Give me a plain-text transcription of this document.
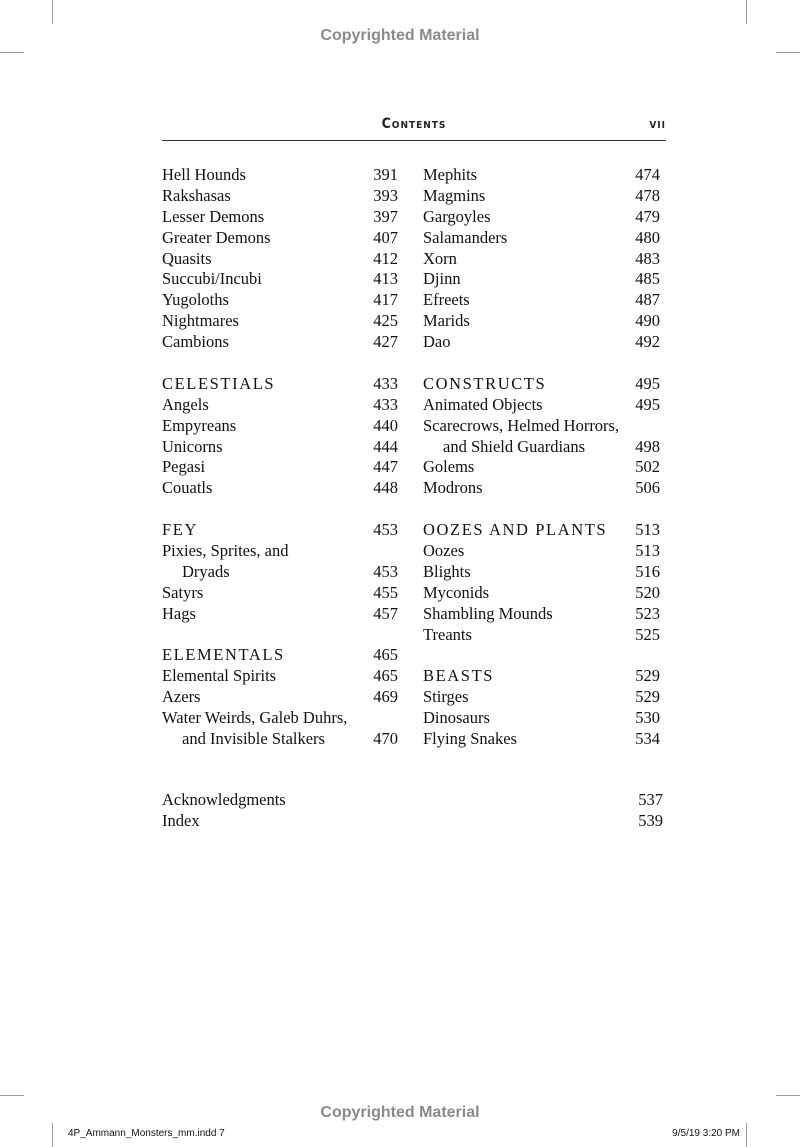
Copyrighted Material
Contents	vii
Hell Hounds	391
Rakshasas	393
Lesser Demons	397
Greater Demons	407
Quasits	412
Succubi/Incubi	413
Yugoloths	417
Nightmares	425
Cambions	427
CELESTIALS	433
Angels	433
Empyreans	440
Unicorns	444
Pegasi	447
Couatls	448
FEY	453
Pixies, Sprites, and
Dryads	453
Satyrs	455
Hags	457
ELEMENTALS	465
Elemental Spirits	465
Azers	469
Water Weirds, Galeb Duhrs,
and Invisible Stalkers	470
Mephits	474
Magmins	478
Gargoyles	479
Salamanders	480
Xorn	483
Djinn	485
Efreets	487
Marids	490
Dao	492
CONSTRUCTS	495
Animated Objects	495
Scarecrows, Helmed Horrors,
and Shield Guardians	498
Golems	502
Modrons	506
OOZES AND PLANTS 513
Oozes	513
Blights	516
Myconids	520
Shambling Mounds	523
Treants	525
BEASTS	529
Stirges	529
Dinosaurs	530
Flying Snakes	534
Acknowledgments	537
Index	539
Copyrighted Material
4P_Ammann_Monsters_mm.indd 7	9/5/19 3:20 PM
